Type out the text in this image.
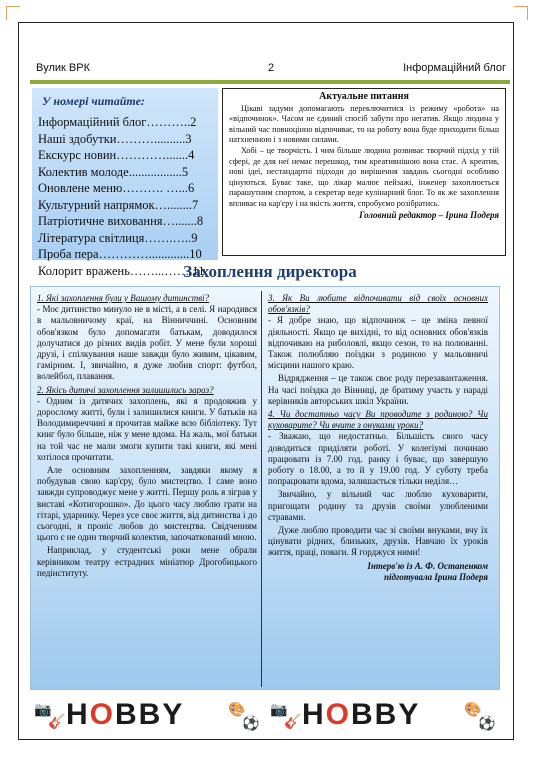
Вулик ВРК	2	Інформаційний блог
У номері читайте:
Інформаційний блог………..2
Наші здобутки………..........3
Екскурс новин………….......4
Колектив молоде.................5
Оновлене меню………. …...6
Культурний напрямок…........7
Патріотичне виховання….......8
Література світлиця…….…..9
Проба пера………….............10
Колорит вражень……...…….11
Актуальне питання

Цікаві задуми допомагають переключитися із режиму «робота» на «відпочинок». Часом не єдиний спосіб забути про негатив. Якщо людина у вільний час повноцінно відпочиває, то на роботу вона буде приходити більш натхненною і з новими силами.

Хобі – це творчість. І чим більше людина розвиває творчий підхід у тій сфері, де для неї немає перешкод, тим креативнішою вона стає. А креатив, нові ідеї, нестандартні підходи до вирішення завдань сьогодні особливо цінуються. Буває таке, що лікар малює пейзажі, інженер захоплюється парашутним спортом, а секретар веде кулінарний блог. То як же захоплення впливає на кар'єру і на якість життя, спробуємо розібратись.

Головний редактор – Ірина Подеря
Захоплення директора
1. Які захоплення були у Вашому дитинстві?
- Моє дитинство минуло не в місті, а в селі. Я народився в мальовничому краї, на Вінниччині. Основним обов'язком було допомагати батькам, доводилося долучатися до різних видів робіт. У мене були хороші друзі, і спілкування наше завжди було живим, цікавим, гамірним. І, звичайно, я дуже любив спорт: футбол, волейбол, плавання.
2. Якісь дитячі захоплення залишились зараз?
- Одним із дитячих захоплень, які я продовжив у дорослому житті, були і залишилися книги. У батьків на Володимиреччині я прочитав майже всю бібліотеку. Тут книг було більше, ніж у мене вдома. На жаль, мої батьки на той час не мали змоги купити такі книги, які мені хотілося прочитати.
Але основним захопленням, завдяки якому я побудував свою кар'єру, було мистецтво. І саме воно завжди супроводжує мене у житті. Першу роль я зіграв у виставі «Котигорошко». До цього часу люблю грати на гітарі, ударнику. Через усе своє життя, від дитинства і до сьогодні, я проніс любов до мистецтва. Свідченням цього є не один творчий колектив, започаткований мною.
Наприклад, у студентські роки мене обрали керівником театру естрадних мініатюр Дрогобицького педінституту.
3. Як Ви любите відпочивати від своїх основних обов'язків?
- Я добре знаю, що відпочинок – це зміна певної діяльності. Якщо це вихідні, то від основних обов'язків відпочиваю на риболовлі, якщо сезон, то на полюванні. Також полюбляю поїздки з родиною у мальовничі місцини нашого краю.
Відрядження – це також своє роду перезавантаження. На часі поїздка до Вінниці, де братиму участь у нараді керівників авторських шкіл України.
4. Чи достатньо часу Ви проводите з родиною? Чи куховарите? Чи вчите з онуками уроки?
- Зважаю, що недостатньо. Більшість свого часу доводиться приділяти роботі. У колегіумі починаю працювати із 7.00 год. ранку і буває, що завершую роботу о 18.00, а то й у 19.00 год. У суботу треба попрацювати вдома, залишається тільки неділя…
Звичайно, у вільний час люблю куховарити, пригощати родину та друзів своїми улюбленими стравами.
Дуже люблю проводити час зі своїми внуками, вчу їх цінувати рідних, близьких, друзів. Навчаю їх уроків життя, праці, поваги. Я горджуся ними!
Інтерв'ю із А. Ф. Остапенком
підготувала Ірина Подеря
📷
🎸 HOBBY	🎨
⚽
📷
🎸 HOBBY	🎨
⚽
